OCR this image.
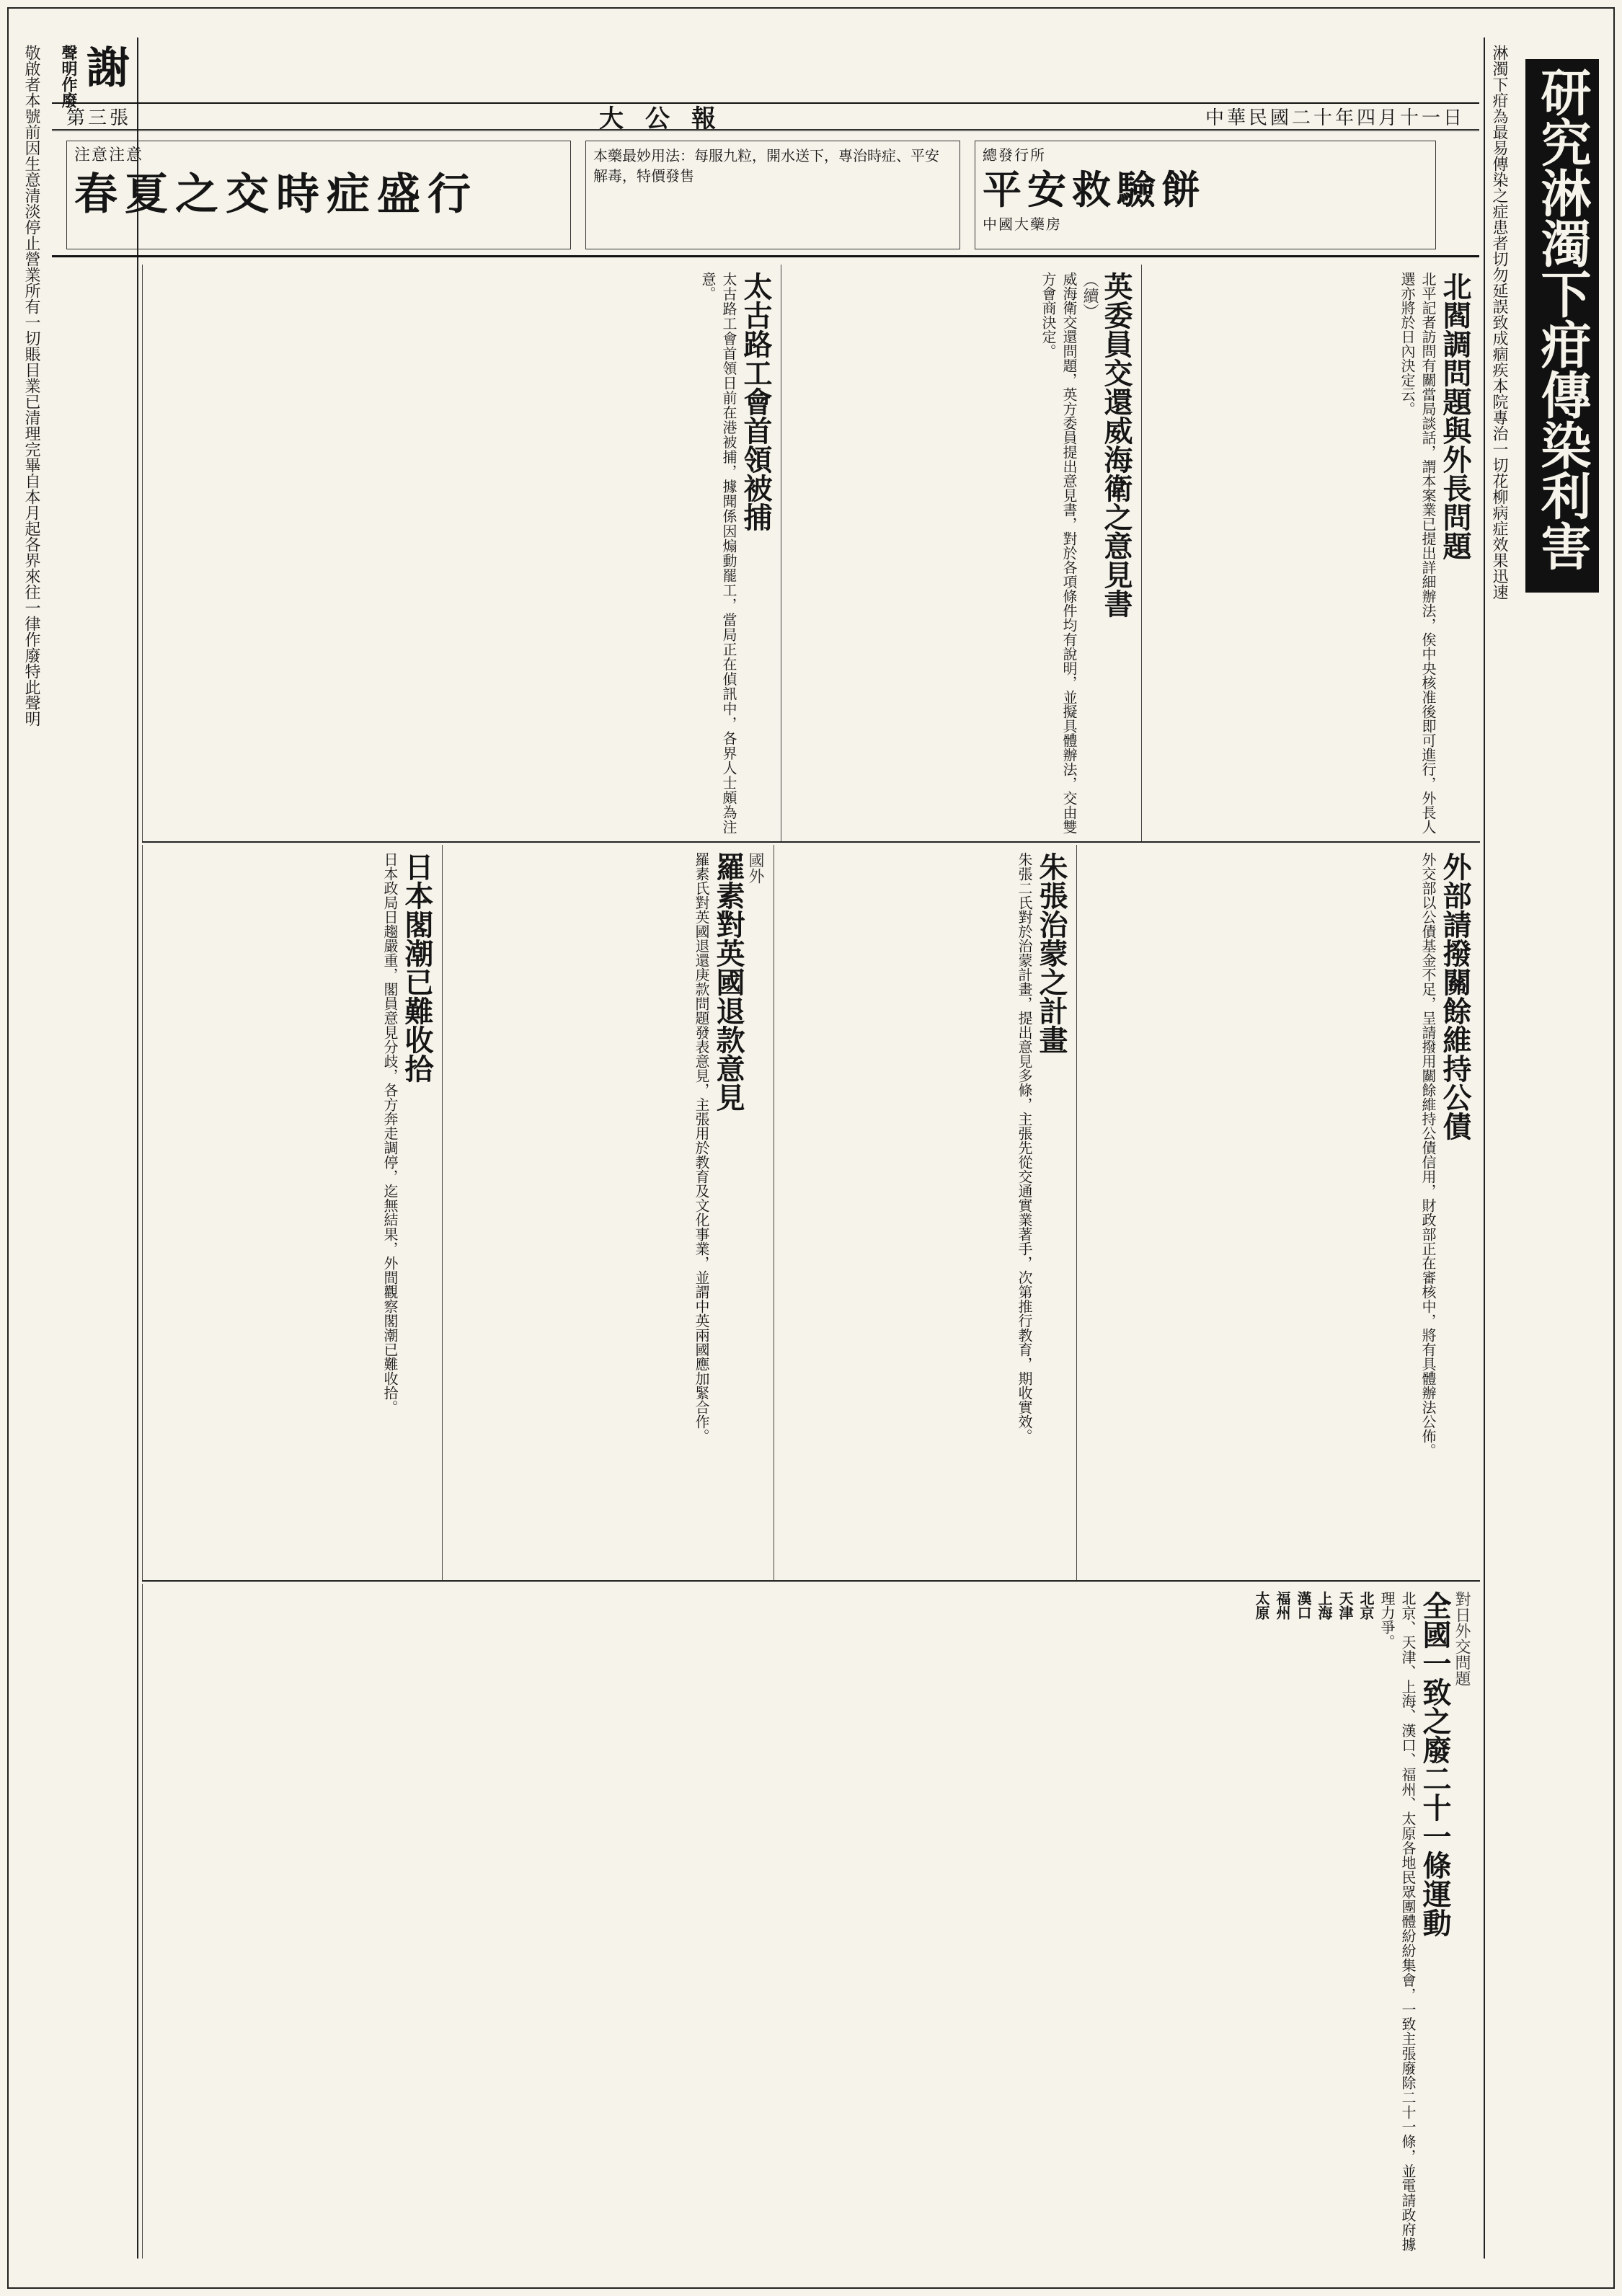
謝
聲明作廢

敬啟者本號前因生意清淡停止營業所有一切賬目業已清理完畢自本月起各界來往一律作廢特此聲明	研究淋濁下疳傳染利害

淋濁下疳為最易傳染之症患者切勿延誤致成痼疾本院專治一切花柳病症效果迅速

第三張	大公報	中華民國二十年四月十一日
注意注意
春夏之交時症盛行
本藥最妙用法：每服九粒，開水送下，專治時症、平安解毒，特價發售
總發行所
平安救驗餅
中國大藥房
北閻調問題與外長問題

北平記者訪問有關當局談話，謂本案業已提出詳細辦法，俟中央核准後即可進行，外長人選亦將於日內決定云。

英委員交還威海衛之意見書
（續）

威海衛交還問題，英方委員提出意見書，對於各項條件均有說明，並擬具體辦法，交由雙方會商決定。

太古路工會首領被捕

太古路工會首領日前在港被捕，據聞係因煽動罷工，當局正在偵訊中，各界人士頗為注意。

外部請撥關餘維持公債

外交部以公債基金不足，呈請撥用關餘維持公債信用，財政部正在審核中，將有具體辦法公佈。

朱張治蒙之計畫

朱張二氏對於治蒙計畫，提出意見多條，主張先從交通實業著手，次第推行教育，期收實效。

國外
羅素對英國退款意見

羅素氏對英國退還庚款問題發表意見，主張用於教育及文化事業，並謂中英兩國應加緊合作。

日本閣潮已難收拾

日本政局日趨嚴重，閣員意見分歧，各方奔走調停，迄無結果，外間觀察閣潮已難收拾。

對日外交問題
全國一致之廢二十一條運動

北京、天津、上海、漢口、福州、太原各地民眾團體紛紛集會，一致主張廢除二十一條，並電請政府據理力爭。

北京

天津

上海

漢口

福州

太原
